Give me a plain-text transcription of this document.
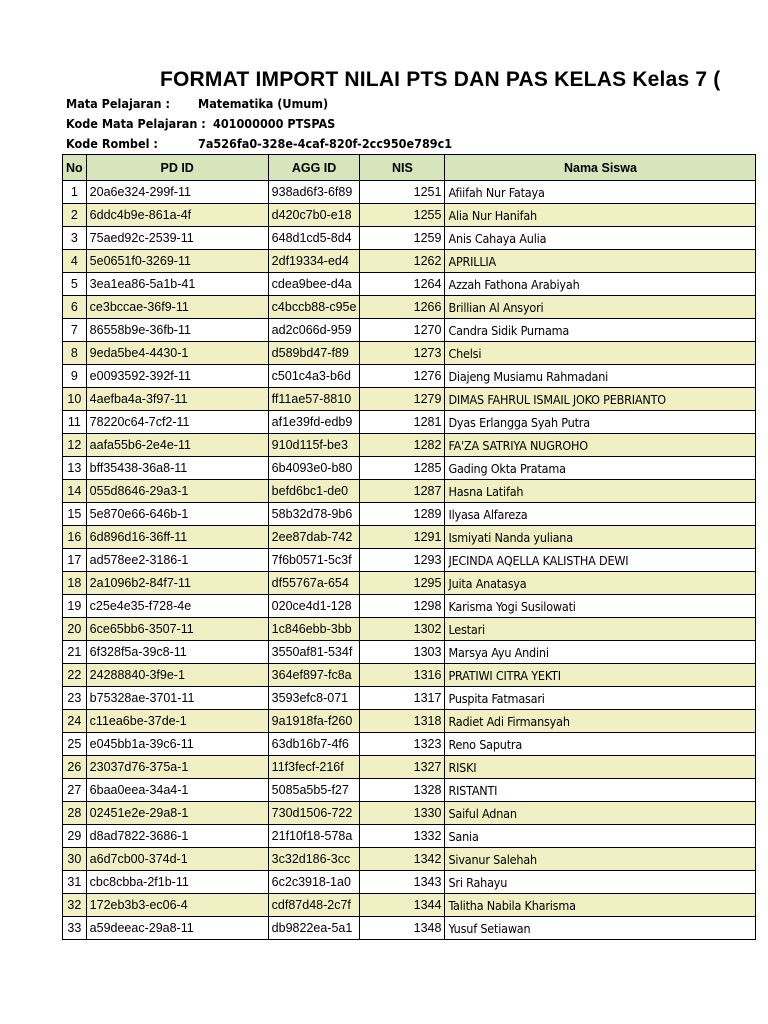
FORMAT IMPORT NILAI PTS DAN PAS KELAS Kelas 7 (
Mata Pelajaran : Matematika (Umum)
Kode Mata Pelajaran : 401000000 PTSPAS
Kode Rombel :	7a526fa0-328e-4caf-820f-2cc950e789c1
No	PD ID	AGG ID	NIS	Nama Siswa
1	20a6e324-299f-11	938ad6f3-6f89	1251	Afiifah Nur Fataya
2	6ddc4b9e-861a-4f	d420c7b0-e18	1255	Alia Nur Hanifah
3	75aed92c-2539-11	648d1cd5-8d4	1259	Anis Cahaya Aulia
4	5e0651f0-3269-11	2df19334-ed4	1262	APRILLIA
5	3ea1ea86-5a1b-41	cdea9bee-d4a	1264	Azzah Fathona Arabiyah
6	ce3bccae-36f9-11	c4bccb88-c95e	1266	Brillian Al Ansyori
7	86558b9e-36fb-11	ad2c066d-959	1270	Candra Sidik Purnama
8	9eda5be4-4430-1	d589bd47-f89	1273	Chelsi
9	e0093592-392f-11	c501c4a3-b6d	1276	Diajeng Musiamu Rahmadani
10	4aefba4a-3f97-11	ff11ae57-8810	1279	DIMAS FAHRUL ISMAIL JOKO PEBRIANTO
11	78220c64-7cf2-11	af1e39fd-edb9	1281	Dyas Erlangga Syah Putra
12	aafa55b6-2e4e-11	910d115f-be3	1282	FA'ZA SATRIYA NUGROHO
13	bff35438-36a8-11	6b4093e0-b80	1285	Gading Okta Pratama
14	055d8646-29a3-1	befd6bc1-de0	1287	Hasna Latifah
15	5e870e66-646b-1	58b32d78-9b6	1289	Ilyasa Alfareza
16	6d896d16-36ff-11	2ee87dab-742	1291	Ismiyati Nanda yuliana
17	ad578ee2-3186-1	7f6b0571-5c3f	1293	JECINDA AQELLA KALISTHA DEWI
18	2a1096b2-84f7-11	df55767a-654	1295	Juita Anatasya
19	c25e4e35-f728-4e	020ce4d1-128	1298	Karisma Yogi Susilowati
20	6ce65bb6-3507-11	1c846ebb-3bb	1302	Lestari
21	6f328f5a-39c8-11	3550af81-534f	1303	Marsya Ayu Andini
22	24288840-3f9e-1	364ef897-fc8a	1316	PRATIWI CITRA YEKTI
23	b75328ae-3701-11	3593efc8-071	1317	Puspita Fatmasari
24	c11ea6be-37de-1	9a1918fa-f260	1318	Radiet Adi Firmansyah
25	e045bb1a-39c6-11	63db16b7-4f6	1323	Reno Saputra
26	23037d76-375a-1	11f3fecf-216f	1327	RISKI
27	6baa0eea-34a4-1	5085a5b5-f27	1328	RISTANTI
28	02451e2e-29a8-1	730d1506-722	1330	Saiful Adnan
29	d8ad7822-3686-1	21f10f18-578a	1332	Sania
30	a6d7cb00-374d-1	3c32d186-3cc	1342	Sivanur Salehah
31	cbc8cbba-2f1b-11	6c2c3918-1a0	1343	Sri Rahayu
32	172eb3b3-ec06-4	cdf87d48-2c7f	1344	Talitha Nabila Kharisma
33	a59deeac-29a8-11	db9822ea-5a1	1348	Yusuf Setiawan
